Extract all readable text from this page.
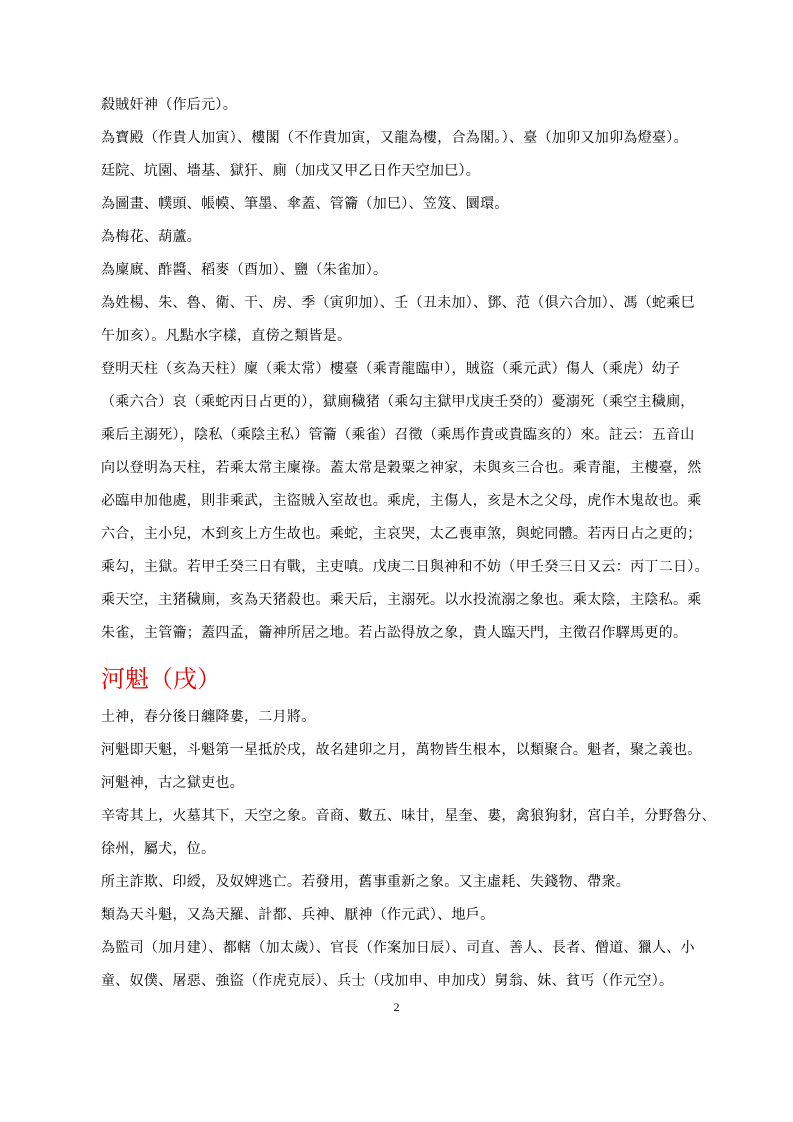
殺賊奸神（作后元）。
為寶殿（作貴人加寅）、樓閣（不作貴加寅，又龍為樓，合為閣。）、臺（加卯又加卯為燈臺）。
廷院、坑園、墻基、獄犴、廁（加戌又甲乙日作天空加巳）。
為圖畫、幞頭、帳幙、筆墨、傘蓋、管籥（加巳）、笠笈、圜環。
為梅花、葫蘆。
為廩廐、酢醬、稻麥（酉加）、鹽（朱雀加）。
為姓楊、朱、魯、衛、干、房、季（寅卯加）、壬（丑未加）、鄧、范（俱六合加）、馮（蛇乘巳
午加亥）。凡點水字樣，直傍之類皆是。
登明天柱（亥為天柱）廩（乘太常）樓臺（乘青龍臨申），賊盜（乘元武）傷人（乘虎）幼子
（乘六合）哀（乘蛇丙日占更的），獄廁穢猪（乘勾主獄甲戊庚壬癸的）憂溺死（乘空主穢廁，
乘后主溺死），陰私（乘陰主私）管籥（乘雀）召徵（乘馬作貴或貴臨亥的）來。註云：五音山
向以登明為天柱，若乘太常主廩祿。蓋太常是穀粟之神家，未與亥三合也。乘青龍，主樓臺，然
必臨申加他處，則非乘武，主盜賊入室故也。乘虎，主傷人，亥是木之父母，虎作木鬼故也。乘
六合，主小兒，木到亥上方生故也。乘蛇，主哀哭，太乙喪車煞，與蛇同體。若丙日占之更的；
乘勾，主獄。若甲壬癸三日有戰，主吏嗔。戊庚二日與神和不妨（甲壬癸三日又云：丙丁二日）。
乘天空，主猪穢廁，亥為天猪殺也。乘天后，主溺死。以水投流溺之象也。乘太陰，主陰私。乘
朱雀，主管籥；蓋四孟，籥神所居之地。若占訟得放之象，貴人臨天門，主徵召作驛馬更的。
河魁（戌）
土神，春分後日纏降婁，二月將。
河魁即天魁，斗魁第一星抵於戌，故名建卯之月，萬物皆生根本，以類聚合。魁者，聚之義也。
河魁神，古之獄吏也。
辛寄其上，火墓其下，天空之象。音商、數五、味甘，星奎、婁，禽狼狗豺，宮白羊，分野魯分、
徐州，屬犬，位。
所主詐欺、印綬，及奴婢逃亡。若發用，舊事重新之象。又主虛耗、失錢物、帶衆。
類為天斗魁，又為天羅、計都、兵神、厭神（作元武）、地戶。
為監司（加月建）、都轄（加太歲）、官長（作案加日辰）、司直、善人、長者、僧道、獵人、小
童、奴僕、屠惡、強盜（作虎克辰）、兵士（戌加申、申加戌）舅翁、妹、貧丐（作元空）。
2
